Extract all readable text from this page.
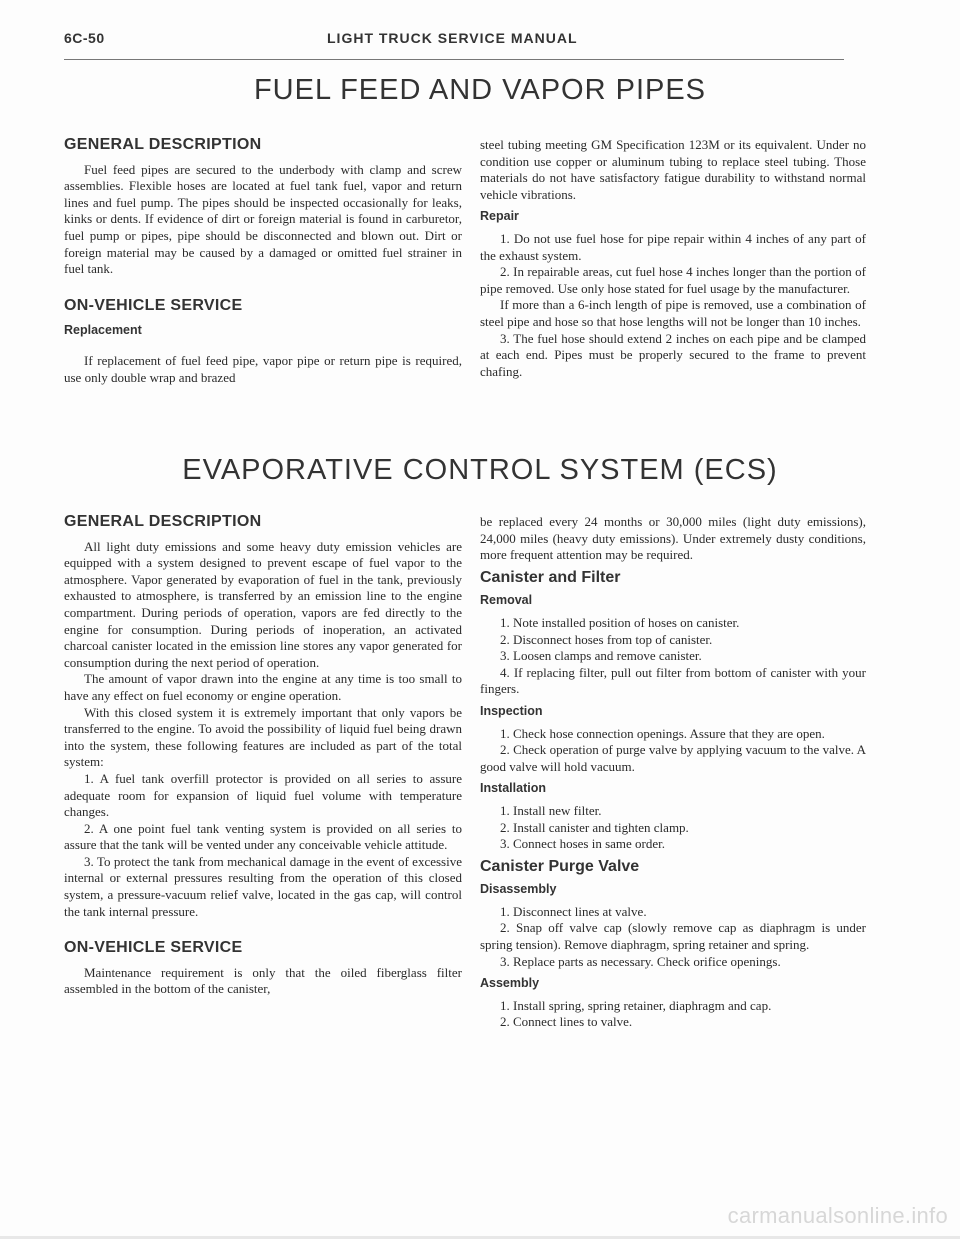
6C-50	LIGHT TRUCK SERVICE MANUAL
FUEL FEED AND VAPOR PIPES
GENERAL DESCRIPTION

Fuel feed pipes are secured to the underbody with clamp and screw assemblies. Flexible hoses are located at fuel tank fuel, vapor and return lines and fuel pump. The pipes should be inspected occasionally for leaks, kinks or dents. If evidence of dirt or foreign material is found in carburetor, fuel pump or pipes, pipe should be disconnected and blown out. Dirt or foreign material may be caused by a damaged or omitted fuel strainer in fuel tank.

ON-VEHICLE SERVICE
Replacement

If replacement of fuel feed pipe, vapor pipe or return pipe is required, use only double wrap and brazed

steel tubing meeting GM Specification 123M or its equivalent. Under no condition use copper or aluminum tubing to replace steel tubing. Those materials do not have satisfactory fatigue durability to withstand normal vehicle vibrations.

Repair

1. Do not use fuel hose for pipe repair within 4 inches of any part of the exhaust system.

2. In repairable areas, cut fuel hose 4 inches longer than the portion of pipe removed. Use only hose stated for fuel usage by the manufacturer.

If more than a 6-inch length of pipe is removed, use a combination of steel pipe and hose so that hose lengths will not be longer than 10 inches.

3. The fuel hose should extend 2 inches on each pipe and be clamped at each end. Pipes must be properly secured to the frame to prevent chafing.

EVAPORATIVE CONTROL SYSTEM (ECS)
GENERAL DESCRIPTION

All light duty emissions and some heavy duty emission vehicles are equipped with a system designed to prevent escape of fuel vapor to the atmosphere. Vapor generated by evaporation of fuel in the tank, previously exhausted to atmosphere, is transferred by an emission line to the engine compartment. During periods of operation, vapors are fed directly to the engine for consumption. During periods of inoperation, an activated charcoal canister located in the emission line stores any vapor generated for consumption during the next period of operation.

The amount of vapor drawn into the engine at any time is too small to have any effect on fuel economy or engine operation.

With this closed system it is extremely important that only vapors be transferred to the engine. To avoid the possibility of liquid fuel being drawn into the system, these following features are included as part of the total system:

1. A fuel tank overfill protector is provided on all series to assure adequate room for expansion of liquid fuel volume with temperature changes.

2. A one point fuel tank venting system is provided on all series to assure that the tank will be vented under any conceivable vehicle attitude.

3. To protect the tank from mechanical damage in the event of excessive internal or external pressures resulting from the operation of this closed system, a pressure-vacuum relief valve, located in the gas cap, will control the tank internal pressure.

ON-VEHICLE SERVICE

Maintenance requirement is only that the oiled fiberglass filter assembled in the bottom of the canister,

be replaced every 24 months or 30,000 miles (light duty emissions), 24,000 miles (heavy duty emissions). Under extremely dusty conditions, more frequent attention may be required.

Canister and Filter
Removal

1. Note installed position of hoses on canister.

2. Disconnect hoses from top of canister.

3. Loosen clamps and remove canister.

4. If replacing filter, pull out filter from bottom of canister with your fingers.

Inspection

1. Check hose connection openings. Assure that they are open.

2. Check operation of purge valve by applying vacuum to the valve. A good valve will hold vacuum.

Installation

1. Install new filter.

2. Install canister and tighten clamp.

3. Connect hoses in same order.

Canister Purge Valve
Disassembly

1. Disconnect lines at valve.

2. Snap off valve cap (slowly remove cap as diaphragm is under spring tension). Remove diaphragm, spring retainer and spring.

3. Replace parts as necessary. Check orifice openings.

Assembly

1. Install spring, spring retainer, diaphragm and cap.

2. Connect lines to valve.

carmanualsonline.info
